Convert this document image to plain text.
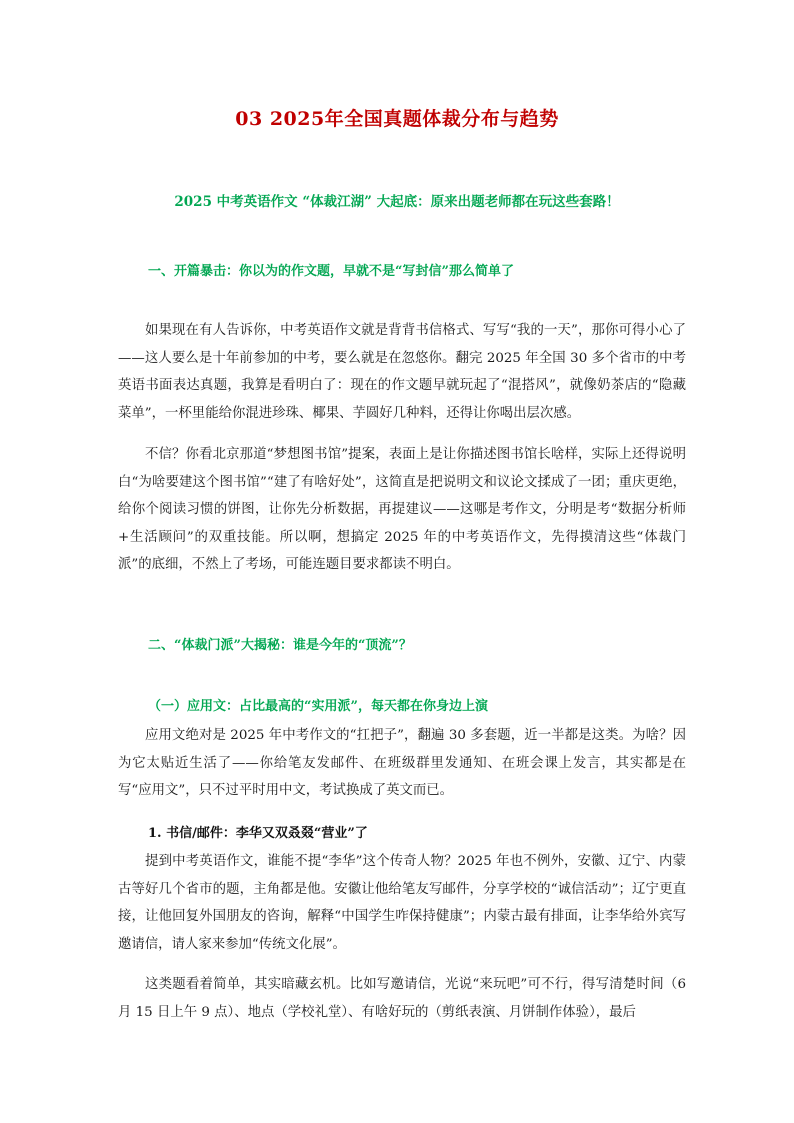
03 2025年全国真题体裁分布与趋势
2025 中考英语作文 “体裁江湖” 大起底：原来出题老师都在玩这些套路！
一、开篇暴击：你以为的作文题，早就不是“写封信”那么简单了

如果现在有人告诉你，中考英语作文就是背背书信格式、写写“我的一天”，那你可得小心了——这人要么是十年前参加的中考，要么就是在忽悠你。翻完 2025 年全国 30 多个省市的中考英语书面表达真题，我算是看明白了：现在的作文题早就玩起了“混搭风”，就像奶茶店的“隐藏菜单”，一杯里能给你混进珍珠、椰果、芋圆好几种料，还得让你喝出层次感。

不信？你看北京那道“梦想图书馆”提案，表面上是让你描述图书馆长啥样，实际上还得说明白“为啥要建这个图书馆”“建了有啥好处”，这简直是把说明文和议论文揉成了一团；重庆更绝，给你个阅读习惯的饼图，让你先分析数据，再提建议——这哪是考作文，分明是考“数据分析师+生活顾问”的双重技能。所以啊，想搞定 2025 年的中考英语作文，先得摸清这些“体裁门派”的底细，不然上了考场，可能连题目要求都读不明白。

二、“体裁门派”大揭秘：谁是今年的“顶流”？
（一）应用文：占比最高的“实用派”，每天都在你身边上演

应用文绝对是 2025 年中考作文的“扛把子”，翻遍 30 多套题，近一半都是这类。为啥？因为它太贴近生活了——你给笔友发邮件、在班级群里发通知、在班会课上发言，其实都是在写“应用文”，只不过平时用中文，考试换成了英文而已。

1. 书信/邮件：李华又双叒叕“营业”了

提到中考英语作文，谁能不提“李华”这个传奇人物？2025 年也不例外，安徽、辽宁、内蒙古等好几个省市的题，主角都是他。安徽让他给笔友写邮件，分享学校的“诚信活动”；辽宁更直接，让他回复外国朋友的咨询，解释“中国学生咋保持健康”；内蒙古最有排面，让李华给外宾写邀请信，请人家来参加“传统文化展”。

这类题看着简单，其实暗藏玄机。比如写邀请信，光说“来玩吧”可不行，得写清楚时间（6 月 15 日上午 9 点）、地点（学校礼堂）、有啥好玩的（剪纸表演、月饼制作体验），最后
